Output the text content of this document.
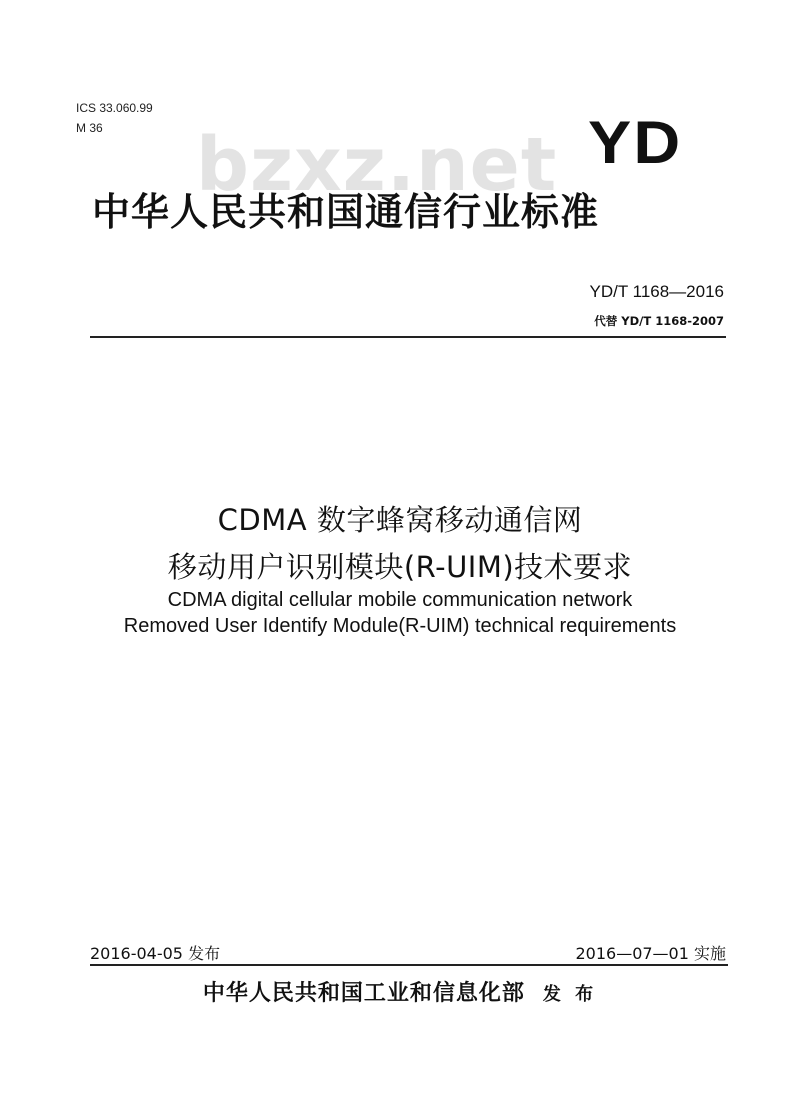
ICS 33.060.99
M 36 bzxz.net YD
中华人民共和国通信行业标准
YD/T 1168—2016
代替 YD/T 1168-2007
CDMA 数字蜂窝移动通信网
移动用户识别模块(R-UIM)技术要求
CDMA digital cellular mobile communication network
Removed User Identify Module(R-UIM) technical requirements
2016-04-05 发布	2016—07—01 实施
中华人民共和国工业和信息化部 发 布
